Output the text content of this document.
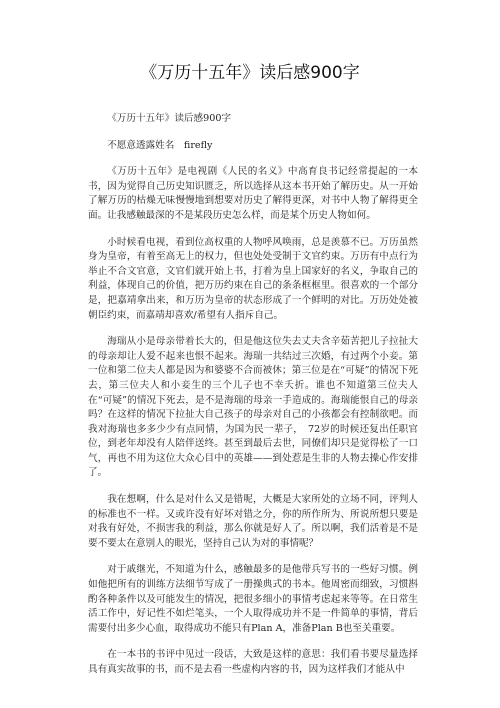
《万历十五年》读后感900字

《万历十五年》读后感900字

不愿意透露姓名　firefly

《万历十五年》是电视剧《人民的名义》中高育良书记经常提起的一本书，因为觉得自己历史知识匮乏，所以选择从这本书开始了解历史。从一开始了解万历的枯燥无味慢慢地到想要对历史了解得更深，对书中人物了解得更全面。让我感触最深的不是某段历史怎么样，而是某个历史人物如何。

小时候看电视，看到位高权重的人物呼风唤雨，总是羡慕不已。万历虽然身为皇帝，有着至高无上的权力，但也处处受制于文官约束。万历有中点行为举止不合文官意，文官们就开始上书，打着为皇上国家好的名义，争取自己的利益，体现自己的价值，把万历约束在自己的条条框框里。很喜欢的一个部分是，把嘉靖拿出来，和万历为皇帝的状态形成了一个鲜明的对比。万历处处被朝臣约束，而嘉靖却喜欢/希望有人指斥自己。

海瑞从小是母亲带着长大的，但是他这位失去丈夫含辛茹苦把儿子拉扯大的母亲却让人爱不起来也恨不起来。海瑞一共结过三次婚，有过两个小妾。第一位和第二位夫人都是因为和婆婆不合而被休；第三位是在“可疑”的情况下死去，第三位夫人和小妾生的三个儿子也不幸夭折。谁也不知道第三位夫人在“可疑”的情况下死去，是不是海瑞的母亲一手造成的。海瑞能恨自己的母亲吗？在这样的情况下拉扯大自己孩子的母亲对自己的小孩都会有控制欲吧。而我对海瑞也多多少少有点同情，为国为民一辈子，　72岁的时候还复出任职官位，到老年却没有人陪伴送终。甚至到最后去世，同僚们却只是觉得松了一口气，再也不用为这位大众心目中的英雄——到处惹是生非的人物去操心作安排了。

我在想啊，什么是对什么又是错呢，大概是大家所处的立场不同，评判人的标准也不一样。又或许没有好坏对错之分，你的所作所为、所说所想只要是对我有好处，不损害我的利益，那么你就是好人了。所以啊，我们活着是不是要不要太在意别人的眼光，坚持自己认为对的事情呢？

对于戚继光，不知道为什么，感触最多的是他带兵写书的一些好习惯。例如他把所有的训练方法细节写成了一册操典式的书本。他周密而细致，习惯斟酌各种条件以及可能发生的情况，把很多细小的事情考虑起来等等。在日常生活工作中，好记性不如烂笔头，一个人取得成功并不是一件简单的事情，背后需要付出多少心血，取得成功不能只有Plan A，准备Plan B也至关重要。

在一本书的书评中见过一段话，大致是这样的意思：我们看书要尽量选择具有真实故事的书，而不是去看一些虚构内容的书，因为这样我们才能从中
